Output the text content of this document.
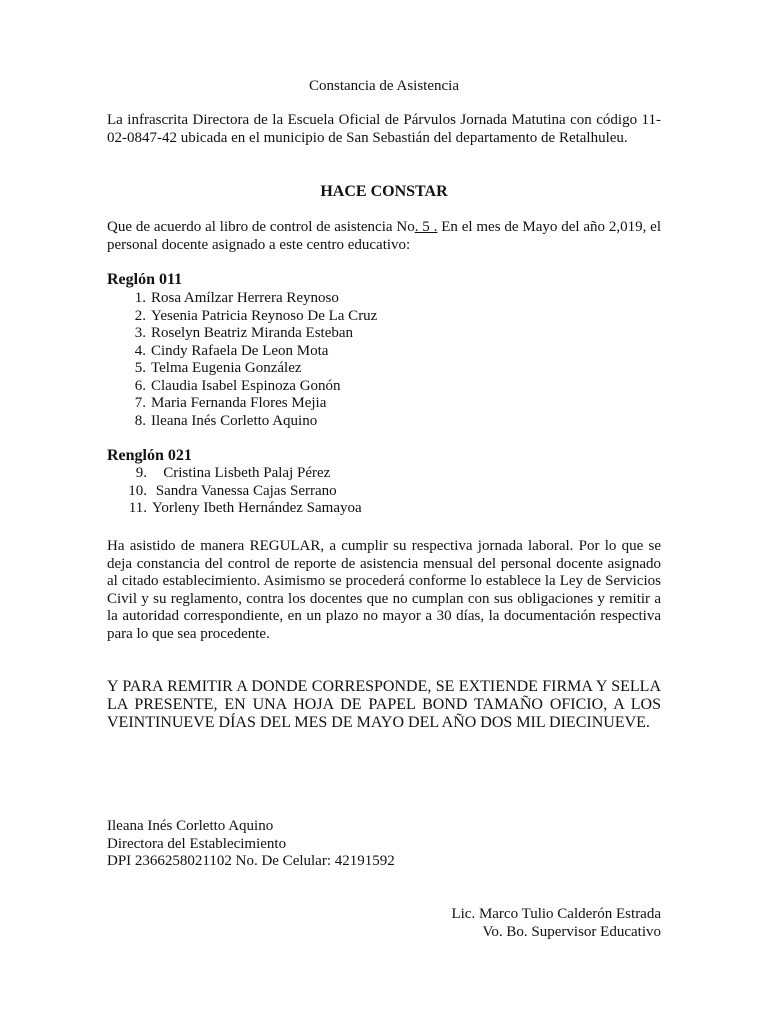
Constancia de Asistencia
La infrascrita Directora de la Escuela Oficial de Párvulos Jornada Matutina con código 11-02-0847-42 ubicada en el municipio de San Sebastián del departamento de Retalhuleu.
HACE CONSTAR
Que de acuerdo al libro de control de asistencia No. 5 . En el mes de Mayo del año 2,019, el personal docente asignado a este centro educativo:
Reglón 011
1. Rosa Amílzar Herrera Reynoso
2. Yesenia Patricia Reynoso De La Cruz
3. Roselyn Beatriz Miranda Esteban
4. Cindy Rafaela De Leon Mota
5. Telma Eugenia González
6. Claudia Isabel Espinoza Gonón
7. Maria Fernanda Flores Mejia
8. Ileana Inés Corletto Aquino
Renglón 021
9. Cristina Lisbeth Palaj Pérez
10. Sandra Vanessa Cajas Serrano
11. Yorleny Ibeth Hernández Samayoa
Ha asistido de manera REGULAR, a cumplir su respectiva jornada laboral. Por lo que se deja constancia del control de reporte de asistencia mensual del personal docente asignado al citado establecimiento. Asimismo se procederá conforme lo establece la Ley de Servicios Civil y su reglamento, contra los docentes que no cumplan con sus obligaciones y remitir a la autoridad correspondiente, en un plazo no mayor a 30 días, la documentación respectiva para lo que sea procedente.
Y PARA REMITIR A DONDE CORRESPONDE, SE EXTIENDE FIRMA Y SELLA LA PRESENTE, EN UNA HOJA DE PAPEL BOND TAMAÑO OFICIO, A LOS VEINTINUEVE DÍAS DEL MES DE MAYO DEL AÑO DOS MIL DIECINUEVE.
Ileana Inés Corletto Aquino
Directora del Establecimiento
DPI 2366258021102 No. De Celular: 42191592
Lic. Marco Tulio Calderón Estrada
Vo. Bo. Supervisor Educativo
